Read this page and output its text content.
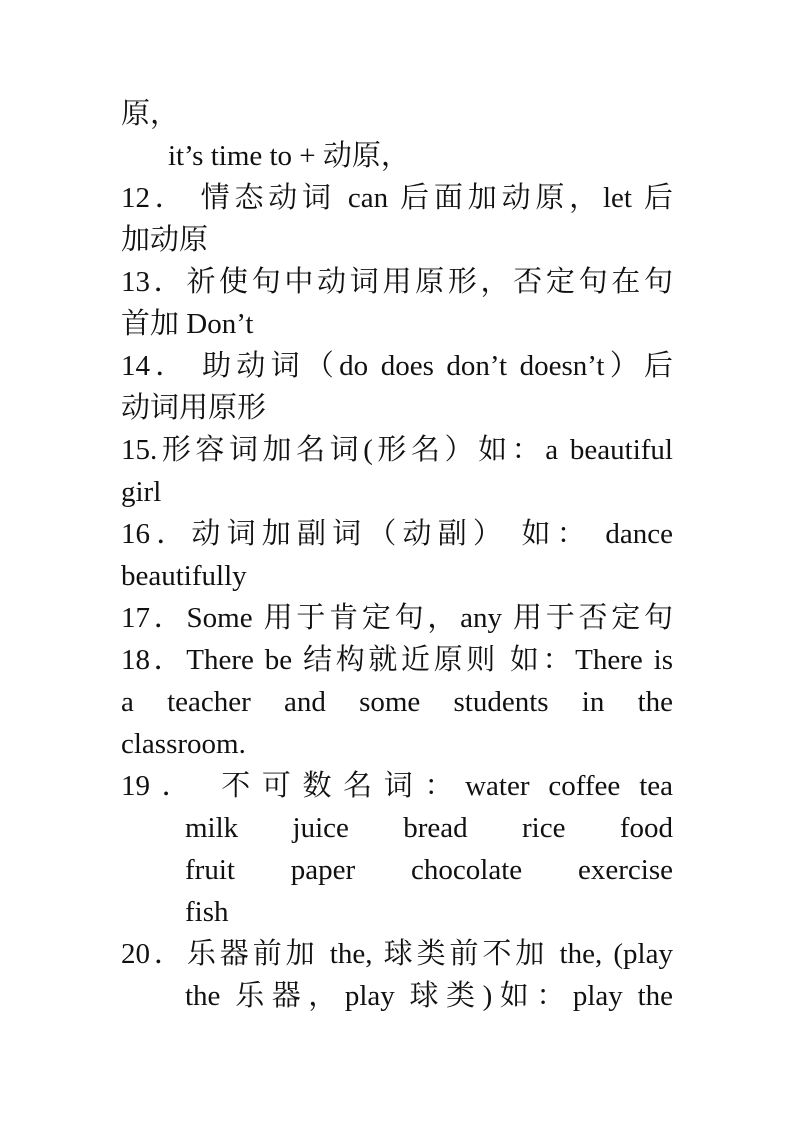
原，
it’s time to + 动原，
12． 情态动词 can 后面加动原，let 后
加动原
13．祈使句中动词用原形，否定句在句
首加 Don’t
14． 助动词（do does don’t doesn’t）后
动词用原形
15.形容词加名词(形名）如：a beautiful
girl
16．动词加副词（动副） 如： dance
beautifully
17．Some 用于肯定句，any 用于否定句
18．There be 结构就近原则 如：There is
a teacher and some students in the
classroom.
19． 不可数名词：water coffee tea
milk juice bread rice food
fruit paper chocolate exercise
fish
20．乐器前加 the, 球类前不加 the, (play
the 乐器，play 球类)如：play the
